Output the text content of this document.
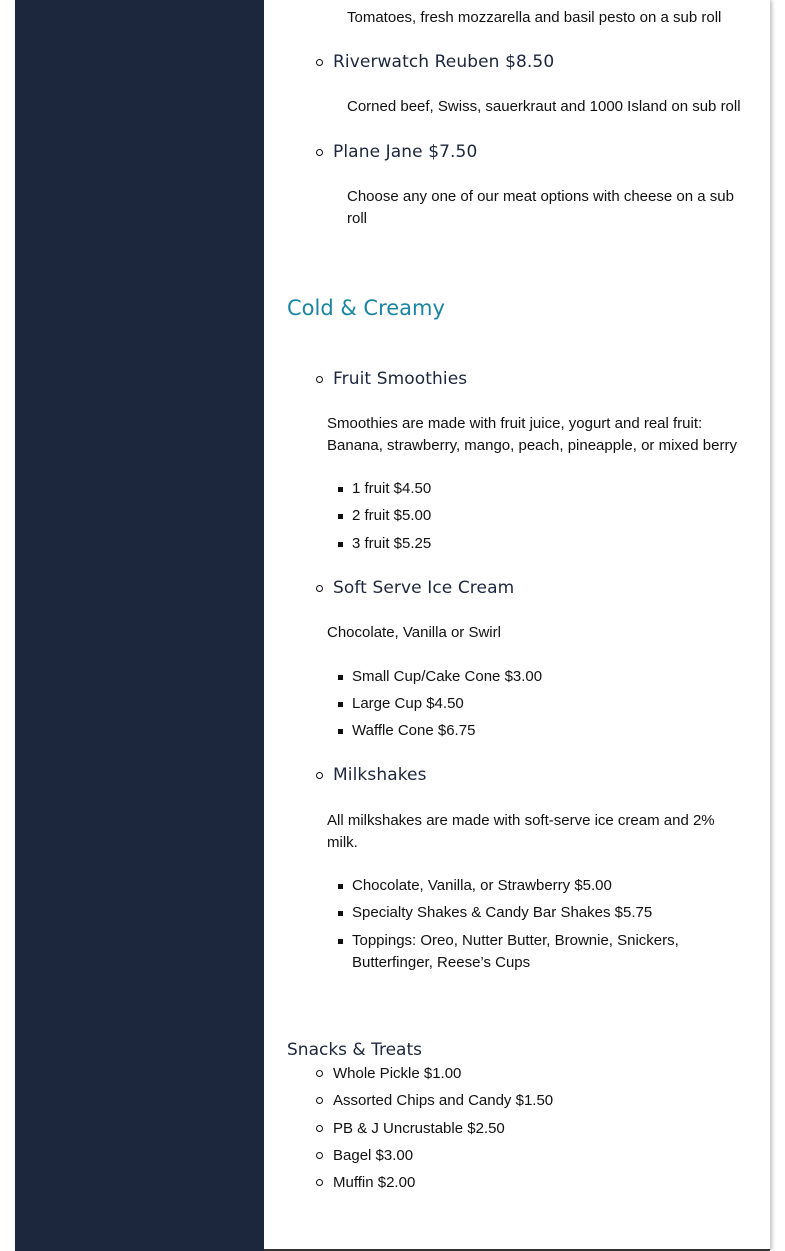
Tomatoes, fresh mozzarella and basil pesto on a sub roll
Riverwatch Reuben $8.50
Corned beef, Swiss, sauerkraut and 1000 Island on sub roll
Plane Jane $7.50
Choose any one of our meat options with cheese on a sub roll
Cold & Creamy
Fruit Smoothies
Smoothies are made with fruit juice, yogurt and real fruit: Banana, strawberry, mango, peach, pineapple, or mixed berry
1 fruit $4.50
2 fruit $5.00
3 fruit $5.25
Soft Serve Ice Cream
Chocolate, Vanilla or Swirl
Small Cup/Cake Cone $3.00
Large Cup $4.50
Waffle Cone $6.75
Milkshakes
All milkshakes are made with soft-serve ice cream and 2% milk.
Chocolate, Vanilla, or Strawberry $5.00
Specialty Shakes & Candy Bar Shakes $5.75
Toppings: Oreo, Nutter Butter, Brownie, Snickers, Butterfinger, Reese’s Cups
Snacks & Treats
Whole Pickle $1.00
Assorted Chips and Candy $1.50
PB & J Uncrustable $2.50
Bagel $3.00
Muffin $2.00
